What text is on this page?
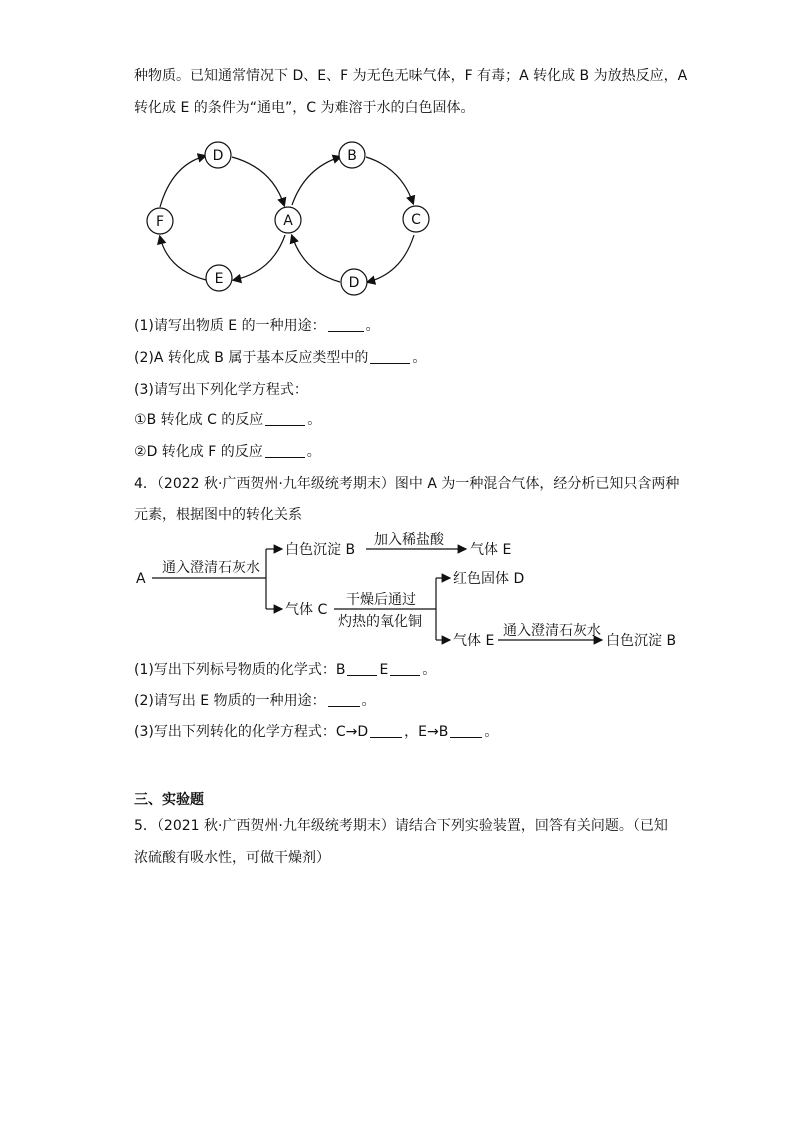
种物质。已知通常情况下 D、E、F 为无色无味气体，F 有毒；A 转化成 B 为放热反应，A
转化成 E 的条件为“通电”，C 为难溶于水的白色固体。
D
F
E
A
B
C
D
(1)请写出物质 E 的一种用途：	。
(2)A 转化成 B 属于基本反应类型中的	。
(3)请写出下列化学方程式：
①B 转化成 C 的反应	。
②D 转化成 F 的反应	。
4．（2022 秋·广西贺州·九年级统考期末）图中 A 为一种混合气体，经分析已知只含两种
元素，根据图中的转化关系
A
通入澄清石灰水
白色沉淀 B
加入稀盐酸
气体 E
气体 C
干燥后通过
灼热的氧化铜
红色固体 D
气体 E
通入澄清石灰水
白色沉淀 B
(1)写出下列标号物质的化学式：B E 。
(2)请写出 E 物质的一种用途：	。
(3)写出下列转化的化学方程式：C→D	，E→B	。
三、实验题
5．（2021 秋·广西贺州·九年级统考期末）请结合下列实验装置，回答有关问题。（已知
浓硫酸有吸水性，可做干燥剂）
